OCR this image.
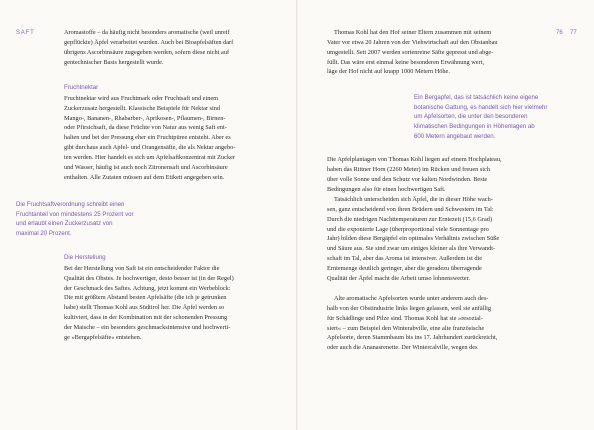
SAFT	76 77

Aromastoffe – da häufig nicht besonders aromatische (weil unreif

gepflückte) Äpfel verarbeitet wurden. Auch bei Bioapfelsäften darf

übrigens Ascorbinsäure zugegeben werden, sofern diese nicht auf

gentechnischer Basis hergestellt wurde.

Fruchtnektar

Fruchtnektar wird aus Fruchtmark oder Fruchtsaft und einem

Zuckerzusatz hergestellt. Klassische Beispiele für Nektar sind

Mango-, Bananen-, Rhabarber-, Aprikosen-, Pflaumen-, Birnen-

oder Pfirsichsaft, da diese Früchte von Natur aus wenig Saft ent-

halten und bei der Pressung eher ein Fruchtpüree entsteht. Aber es

gibt durchaus auch Apfel- und Orangensäfte, die als Nektar angebo-

ten werden. Hier handelt es sich um Apfelsaftkonzentrat mit Zucker

und Wasser, häufig ist auch noch Zitronensaft und Ascorbinsäure

enthalten. Alle Zutaten müssen auf dem Etikett angegeben sein.

Die Fruchtsaftverordnung schreibt einen
Fruchtanteil von mindestens 25 Prozent vor
und erlaubt einen Zuckerzusatz von
maximal 20 Prozent.
Die Herstellung

Bei der Herstellung von Saft ist ein entscheidender Faktor die

Qualität des Obstes. Je hochwertiger, desto besser ist (in der Regel)

der Geschmack des Saftes. Achtung, jetzt kommt ein Werbeblock:

Die mit größtem Abstand besten Apfelsäfte (die ich je getrunken

habe) stellt Thomas Kohl aus Südtirol her. Die Äpfel werden so

kultiviert, dass in der Kombination mit der schonenden Pressung

der Maische – ein besonders geschmacksintensive und hochwerti-

ge »Bergapfelsäfte« entstehen.

Thomas Kohl hat den Hof seiner Eltern zusammen mit seinem

Vater vor etwa 20 Jahren von der Viehwirtschaft auf den Obstanbau

umgestellt. Seit 2007 werden sortenreine Säfte gepresst und abge-

füllt. Das wäre erst einmal keine besonderen Erwähnung wert,

läge der Hof nicht auf knapp 1000 Metern Höhe.

Ein Bergapfel, das ist tatsächlich keine eigene
botanische Gattung, es handelt sich hier vielmehr
um Apfelsorten, die unter den besonderen
klimatischen Bedingungen in Höhenlagen ab
600 Metern angebaut werden.

Die Apfelplantagen von Thomas Kohl liegen auf einem Hochplateau,

haben das Rittner Horn (2260 Meter) im Rücken und freuen sich

über volle Sonne und den Schutz vor kalten Nordwinden. Beste

Bedingungen also für einen hochwertigen Saft.

Tatsächlich unterscheiden sich Äpfel, die in dieser Höhe wach-

sen, ganz entscheidend von ihren Brüdern und Schwestern im Tal:

Durch die niedrigen Nachttemperaturen zur Erntezeit (15,6 Grad)

und die exponierte Lage (überproportional viele Sonnentage pro

Jahr) bilden diese Bergäpfel ein optimales Verhältnis zwischen Süße

und Säure aus. Sie sind zwar um einiges kleiner als ihre Verwandt-

schaft im Tal, aber das Aroma ist intensiver. Außerdem ist die

Erntemenge deutlich geringer, aber die geradezu überragende

Qualität der Äpfel macht die Arbeit umso lohnenswerter.

Alte aromatische Apfelsorten wurde unter anderem auch des-

halb von der Obstindustrie links liegen gelassen, weil sie anfällig

für Schädlinge und Pilze sind. Thomas Kohl hat sie »resozial-

siert« – zum Beispiel den Winterabville, eine alte französische

Apfelsorte, deren Stammbaum bis ins 17. Jahrhundert zurückreicht,

oder auch die Ananasrenette. Der Wintercalville, wegen des
